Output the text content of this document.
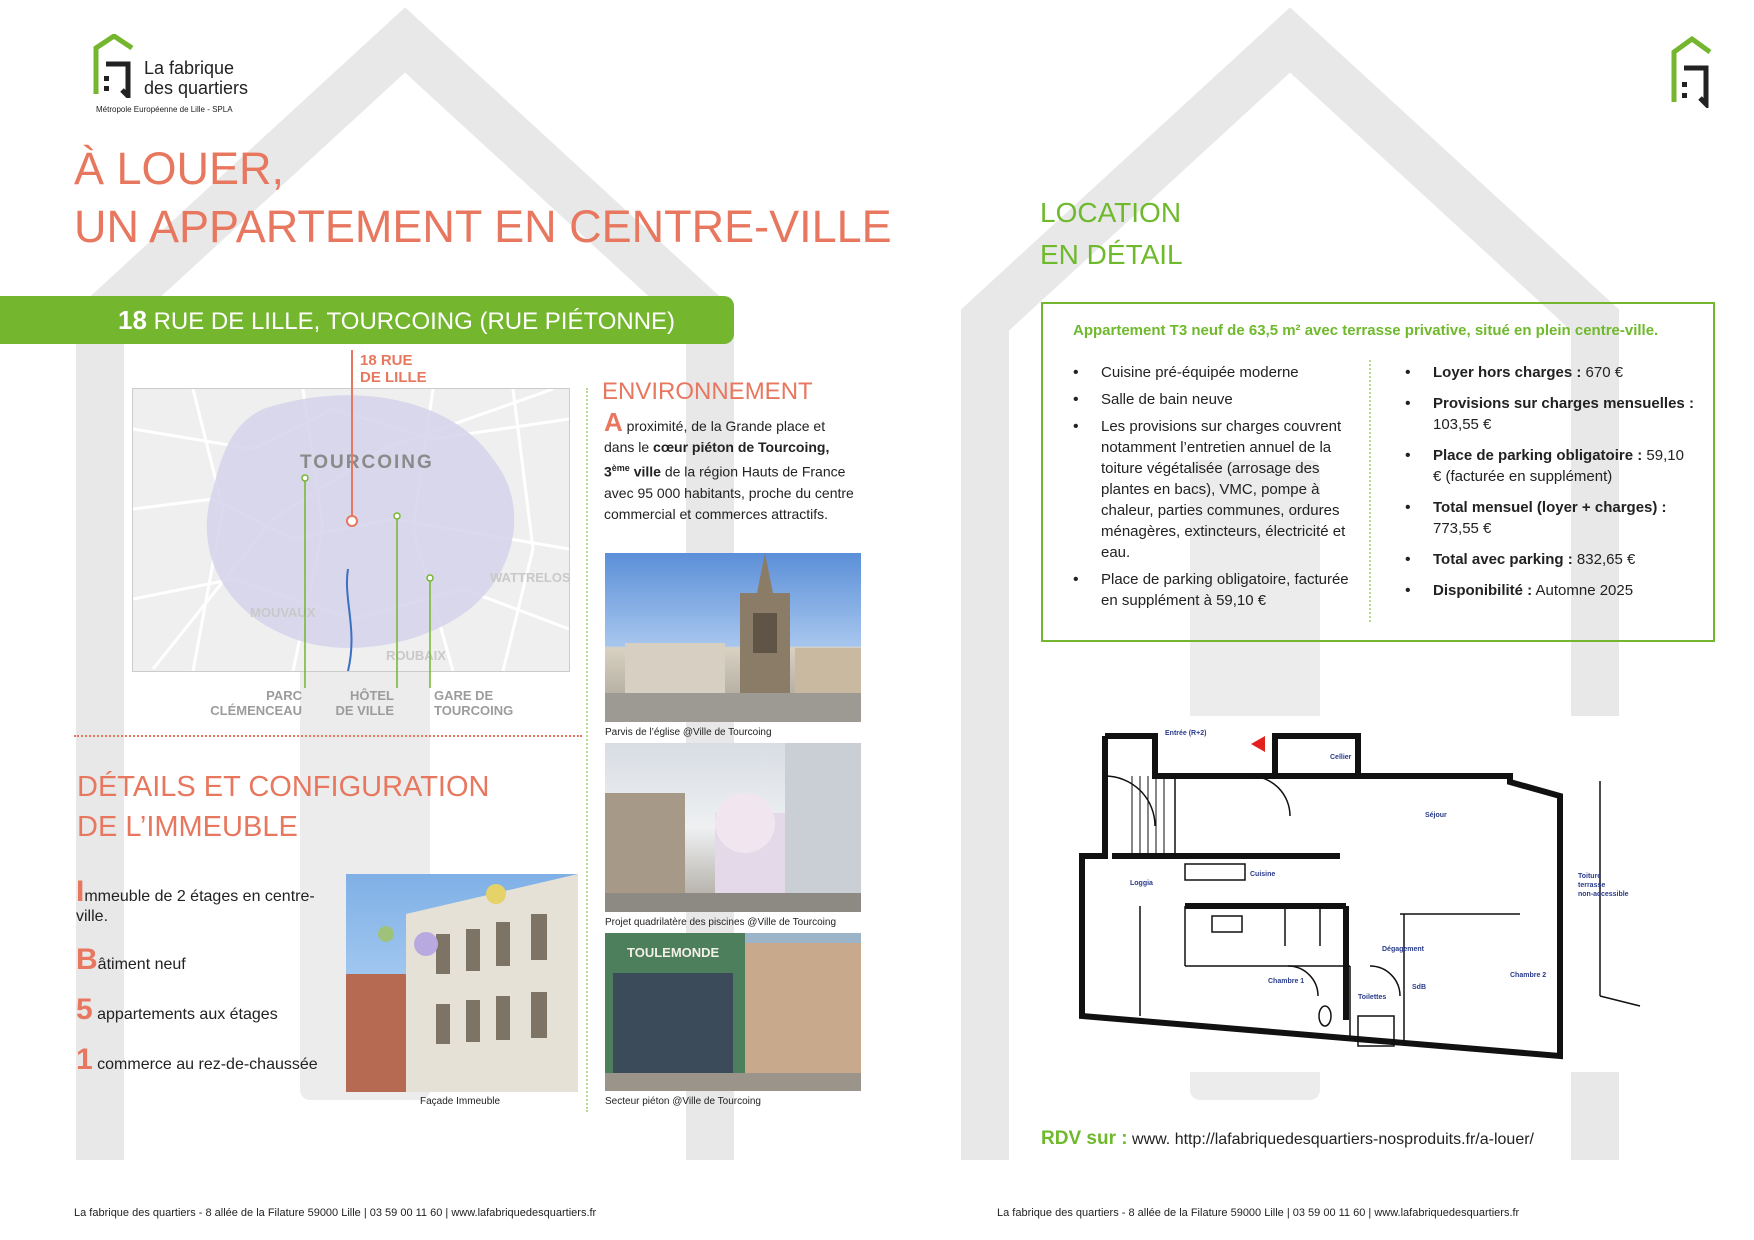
La fabrique
des quartiers
Métropole Européenne de Lille - SPLA
À LOUER,
UN APPARTEMENT EN CENTRE-VILLE
18 RUE DE LILLE, TOURCOING (RUE PIÉTONNE)
TOURCOING
MOUVAUX
WATTRELOS
ROUBAIX
18 RUE
DE LILLE
PARC
CLÉMENCEAU
HÔTEL
DE VILLE
GARE DE
TOURCOING
ENVIRONNEMENT
A proximité, de la Grande place et dans le cœur piéton de Tourcoing, 3ème ville de la région Hauts de France avec 95 000 habitants, proche du centre commercial et commerces attractifs.
Parvis de l’église @Ville de Tourcoing
Projet quadrilatère des piscines @Ville de Tourcoing
TOULEMONDE
Secteur piéton @Ville de Tourcoing
DÉTAILS ET CONFIGURATION
DE L’IMMEUBLE
Immeuble de 2 étages en centre-ville.
Bâtiment neuf
5 appartements aux étages
1 commerce au rez-de-chaussée
Façade Immeuble
La fabrique des quartiers - 8 allée de la Filature 59000 Lille | 03 59 00 11 60 | www.lafabriquedesquartiers.fr
LOCATION
EN DÉTAIL
Appartement T3 neuf de 63,5 m² avec terrasse privative, situé en plein centre-ville.
• Cuisine pré-équipée moderne
• Salle de bain neuve
• Les provisions sur charges couvrent notamment l’entretien annuel de la toiture végétalisée (arrosage des plantes en bacs), VMC, pompe à chaleur, parties communes, ordures ménagères, extincteurs, électricité et eau.
• Place de parking obligatoire, facturée en supplément à 59,10 €
• Loyer hors charges : 670 €
• Provisions sur charges mensuelles : 103,55 €
• Place de parking obligatoire : 59,10 € (facturée en supplément)
• Total mensuel (loyer + charges) : 773,55 €
• Total avec parking : 832,65 €
• Disponibilité : Automne 2025
Entrée (R+2)
Cellier
Séjour
Loggia
Cuisine	Toiture
terrasse
non-accessible
Dégagement
Chambre 1
Chambre 2
Toilettes
SdB
RDV sur : www. http://lafabriquedesquartiers-nosproduits.fr/a-louer/
La fabrique des quartiers - 8 allée de la Filature 59000 Lille | 03 59 00 11 60 | www.lafabriquedesquartiers.fr
